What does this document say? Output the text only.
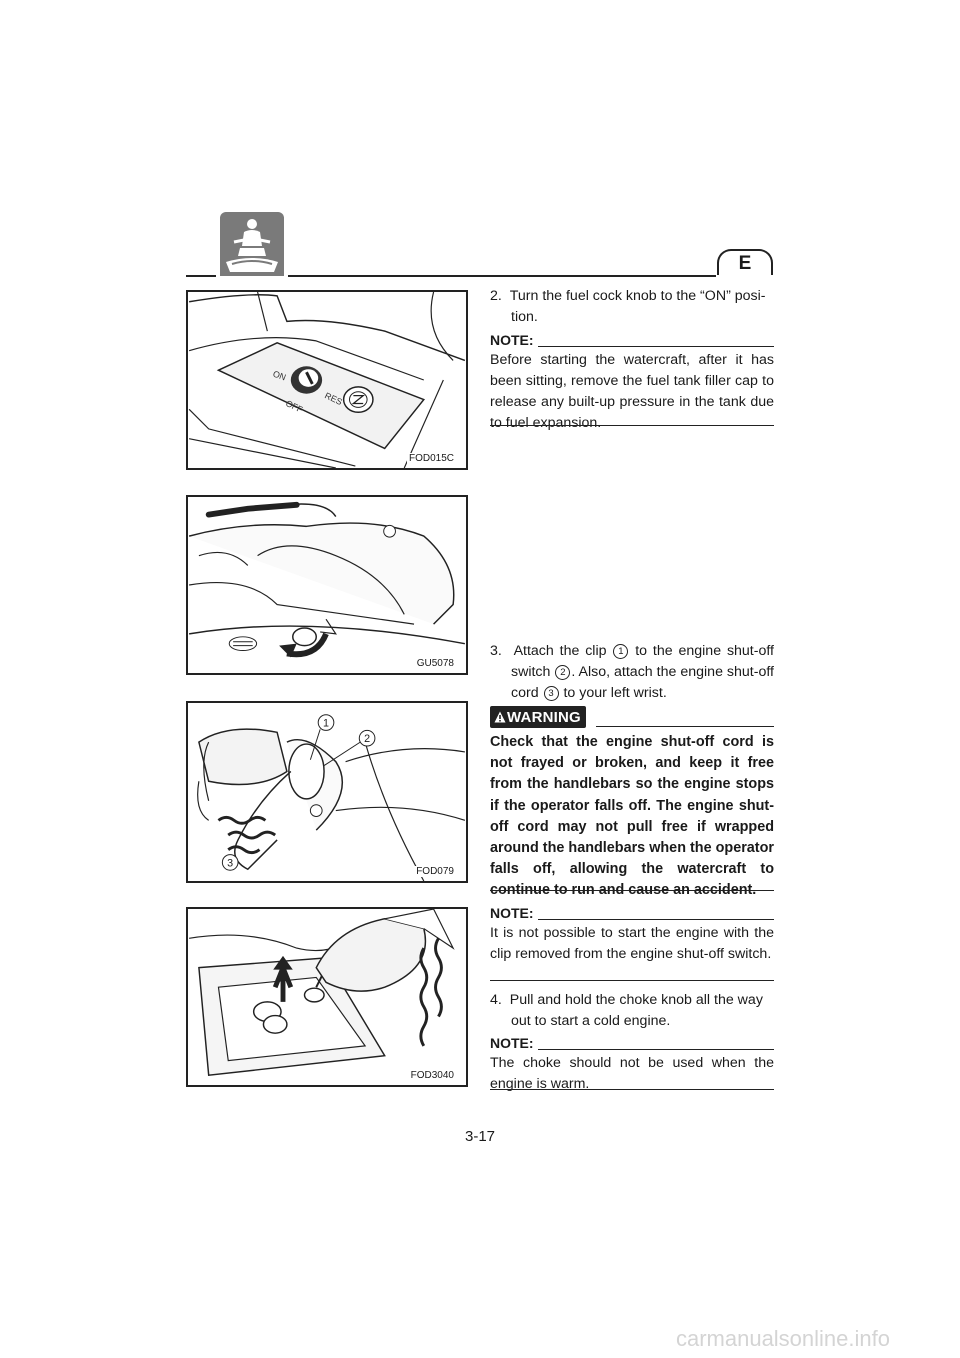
E
ON
OFF RES
FOD015C
GU5078
1
2
3
FOD079
FOD3040
2. Turn the fuel cock knob to the “ON” posi-tion.
NOTE:
Before starting the watercraft, after it has been sitting, remove the fuel tank filler cap to release any built-up pressure in the tank due to fuel expansion.
3. Attach the clip 1 to the engine shut-off switch 2 . Also, attach the engine shut-off cord 3 to your left wrist.
WARNING
Check that the engine shut-off cord is not frayed or broken, and keep it free from the handlebars so the engine stops if the operator falls off. The engine shut-off cord may not pull free if wrapped around the handlebars when the operator falls off, allowing the watercraft to continue to run and cause an accident.
NOTE:
It is not possible to start the engine with the clip removed from the engine shut-off switch.
4. Pull and hold the choke knob all the way out to start a cold engine.
NOTE:
The choke should not be used when the engine is warm.
3-17
carmanualsonline.info
